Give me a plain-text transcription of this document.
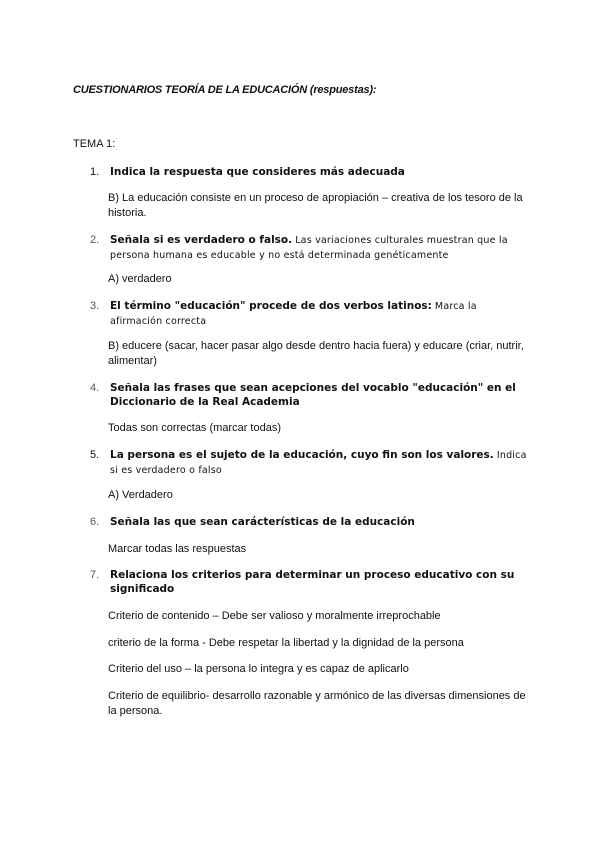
CUESTIONARIOS TEORÍA DE LA EDUCACIÓN (respuestas):
TEMA 1:
1.	Indica la respuesta que consideres más adecuada
B) La educación consiste en un proceso de apropiación – creativa de los tesoro de la historia.
2.	Señala si es verdadero o falso. Las variaciones culturales muestran que la persona humana es educable y no está determinada genéticamente
A) verdadero
3.	El término "educación" procede de dos verbos latinos: Marca la afirmación correcta
B) educere (sacar, hacer pasar algo desde dentro hacia fuera) y educare (criar, nutrir, alimentar)
4.	Señala las frases que sean acepciones del vocablo "educación" en el Diccionario de la Real Academia
Todas son correctas (marcar todas)
5.	La persona es el sujeto de la educación, cuyo fin son los valores. Indica si es verdadero o falso
A) Verdadero
6.	Señala las que sean carácterísticas de la educación
Marcar todas las respuestas
7.	Relaciona los criterios para determinar un proceso educativo con su significado
Criterio de contenido – Debe ser valioso y moralmente irreprochable
criterio de la forma - Debe respetar la libertad y la dignidad de la persona
Criterio del uso – la persona lo integra y es capaz de aplicarlo
Criterio de equilibrio- desarrollo razonable y armónico de las diversas dimensiones de la persona.
